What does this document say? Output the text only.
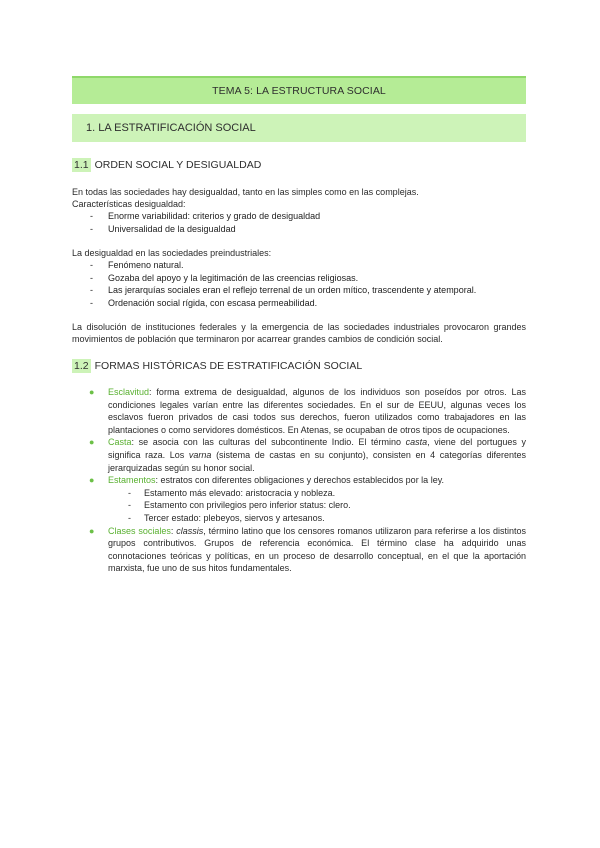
TEMA 5: LA ESTRUCTURA SOCIAL
1. LA ESTRATIFICACIÓN SOCIAL
1.1 ORDEN SOCIAL Y DESIGUALDAD
En todas las sociedades hay desigualdad, tanto en las simples como en las complejas.
Características desigualdad:
- Enorme variabilidad: criterios y grado de desigualdad
- Universalidad de la desigualdad
La desigualdad en las sociedades preindustriales:
- Fenómeno natural.
- Gozaba del apoyo y la legitimación de las creencias religiosas.
- Las jerarquías sociales eran el reflejo terrenal de un orden mítico, trascendente y atemporal.
- Ordenación social rígida, con escasa permeabilidad.
La disolución de instituciones federales y la emergencia de las sociedades industriales provocaron grandes movimientos de población que terminaron por acarrear grandes cambios de condición social.
1.2 FORMAS HISTÓRICAS DE ESTRATIFICACIÓN SOCIAL
● Esclavitud: forma extrema de desigualdad, algunos de los individuos son poseídos por otros. Las condiciones legales varían entre las diferentes sociedades. En el sur de EEUU, algunas veces los esclavos fueron privados de casi todos sus derechos, fueron utilizados como trabajadores en las plantaciones o como servidores domésticos. En Atenas, se ocupaban de otros tipos de ocupaciones.
● Casta: se asocia con las culturas del subcontinente Indio. El término casta, viene del portugues y significa raza. Los varna (sistema de castas en su conjunto), consisten en 4 categorías diferentes jerarquizadas según su honor social.
● Estamentos: estratos con diferentes obligaciones y derechos establecidos por la ley.
- Estamento más elevado: aristocracia y nobleza.
- Estamento con privilegios pero inferior status: clero.
- Tercer estado: plebeyos, siervos y artesanos.
● Clases sociales: classis, término latino que los censores romanos utilizaron para referirse a los distintos grupos contributivos. Grupos de referencia económica. El término clase ha adquirido unas connotaciones teóricas y políticas, en un proceso de desarrollo conceptual, en el que la aportación marxista, fue uno de sus hitos fundamentales.
